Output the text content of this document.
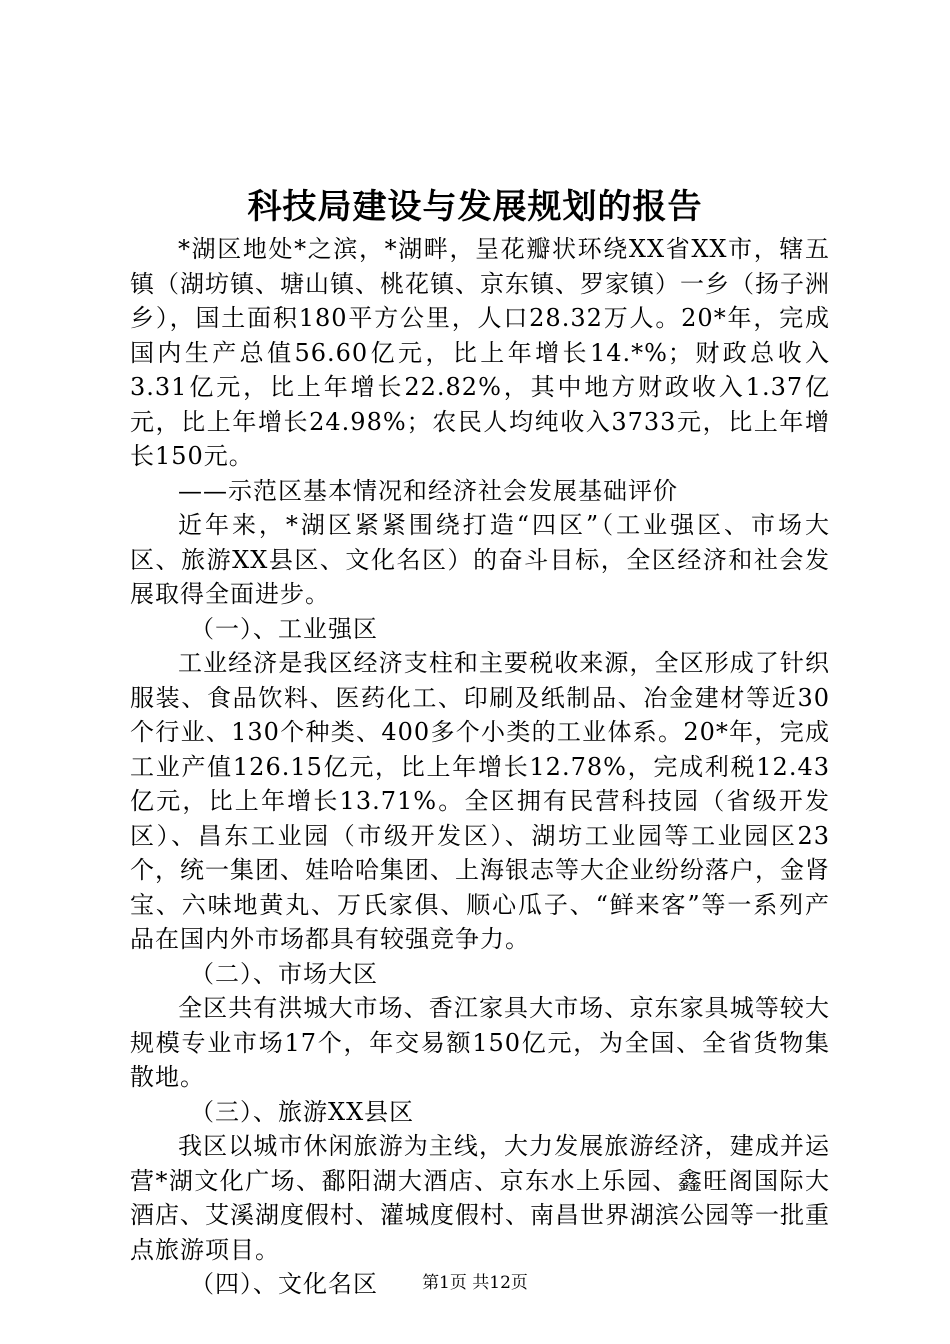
科技局建设与发展规划的报告

*湖区地处*之滨，*湖畔，呈花瓣状环绕XX省XX市，辖五镇（湖坊镇、塘山镇、桃花镇、京东镇、罗家镇）一乡（扬子洲乡），国土面积180平方公里，人口28.32万人。20*年，完成国内生产总值56.60亿元，比上年增长14.*%；财政总收入3.31亿元，比上年增长22.82%，其中地方财政收入1.37亿元，比上年增长24.98%；农民人均纯收入3733元，比上年增长150元。

——示范区基本情况和经济社会发展基础评价

近年来，*湖区紧紧围绕打造“四区”（工业强区、市场大区、旅游XX县区、文化名区）的奋斗目标，全区经济和社会发展取得全面进步。

（一）、工业强区

工业经济是我区经济支柱和主要税收来源，全区形成了针织服装、食品饮料、医药化工、印刷及纸制品、冶金建材等近30个行业、130个种类、400多个小类的工业体系。20*年，完成工业产值126.15亿元，比上年增长12.78%，完成利税12.43亿元，比上年增长13.71%。全区拥有民营科技园（省级开发区）、昌东工业园（市级开发区）、湖坊工业园等工业园区23个，统一集团、娃哈哈集团、上海银志等大企业纷纷落户，金肾宝、六味地黄丸、万氏家俱、顺心瓜子、“鲜来客”等一系列产品在国内外市场都具有较强竞争力。

（二）、市场大区

全区共有洪城大市场、香江家具大市场、京东家具城等较大规模专业市场17个，年交易额150亿元，为全国、全省货物集散地。

（三）、旅游XX县区

我区以城市休闲旅游为主线，大力发展旅游经济，建成并运营*湖文化广场、鄱阳湖大酒店、京东水上乐园、鑫旺阁国际大酒店、艾溪湖度假村、灌城度假村、南昌世界湖滨公园等一批重点旅游项目。

（四）、文化名区	第1页 共12页
